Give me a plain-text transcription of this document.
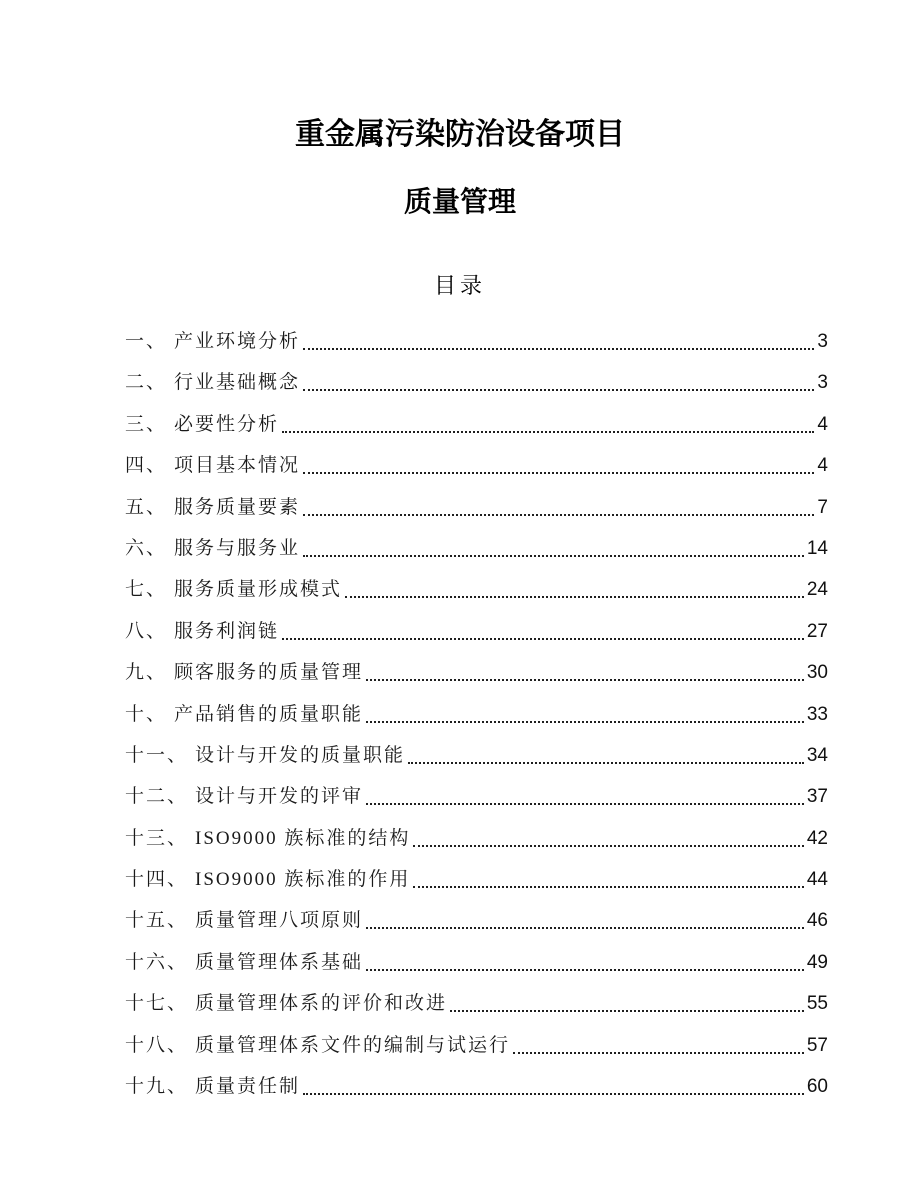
重金属污染防治设备项目
质量管理
目录
一、 产业环境分析	3
二、 行业基础概念	3
三、 必要性分析	4
四、 项目基本情况	4
五、 服务质量要素	7
六、 服务与服务业	14
七、 服务质量形成模式	24
八、 服务利润链	27
九、 顾客服务的质量管理	30
十、 产品销售的质量职能	33
十一、 设计与开发的质量职能	34
十二、 设计与开发的评审	37
十三、 ISO9000 族标准的结构	42
十四、 ISO9000 族标准的作用	44
十五、 质量管理八项原则	46
十六、 质量管理体系基础	49
十七、 质量管理体系的评价和改进	55
十八、 质量管理体系文件的编制与试运行	57
十九、 质量责任制	60
